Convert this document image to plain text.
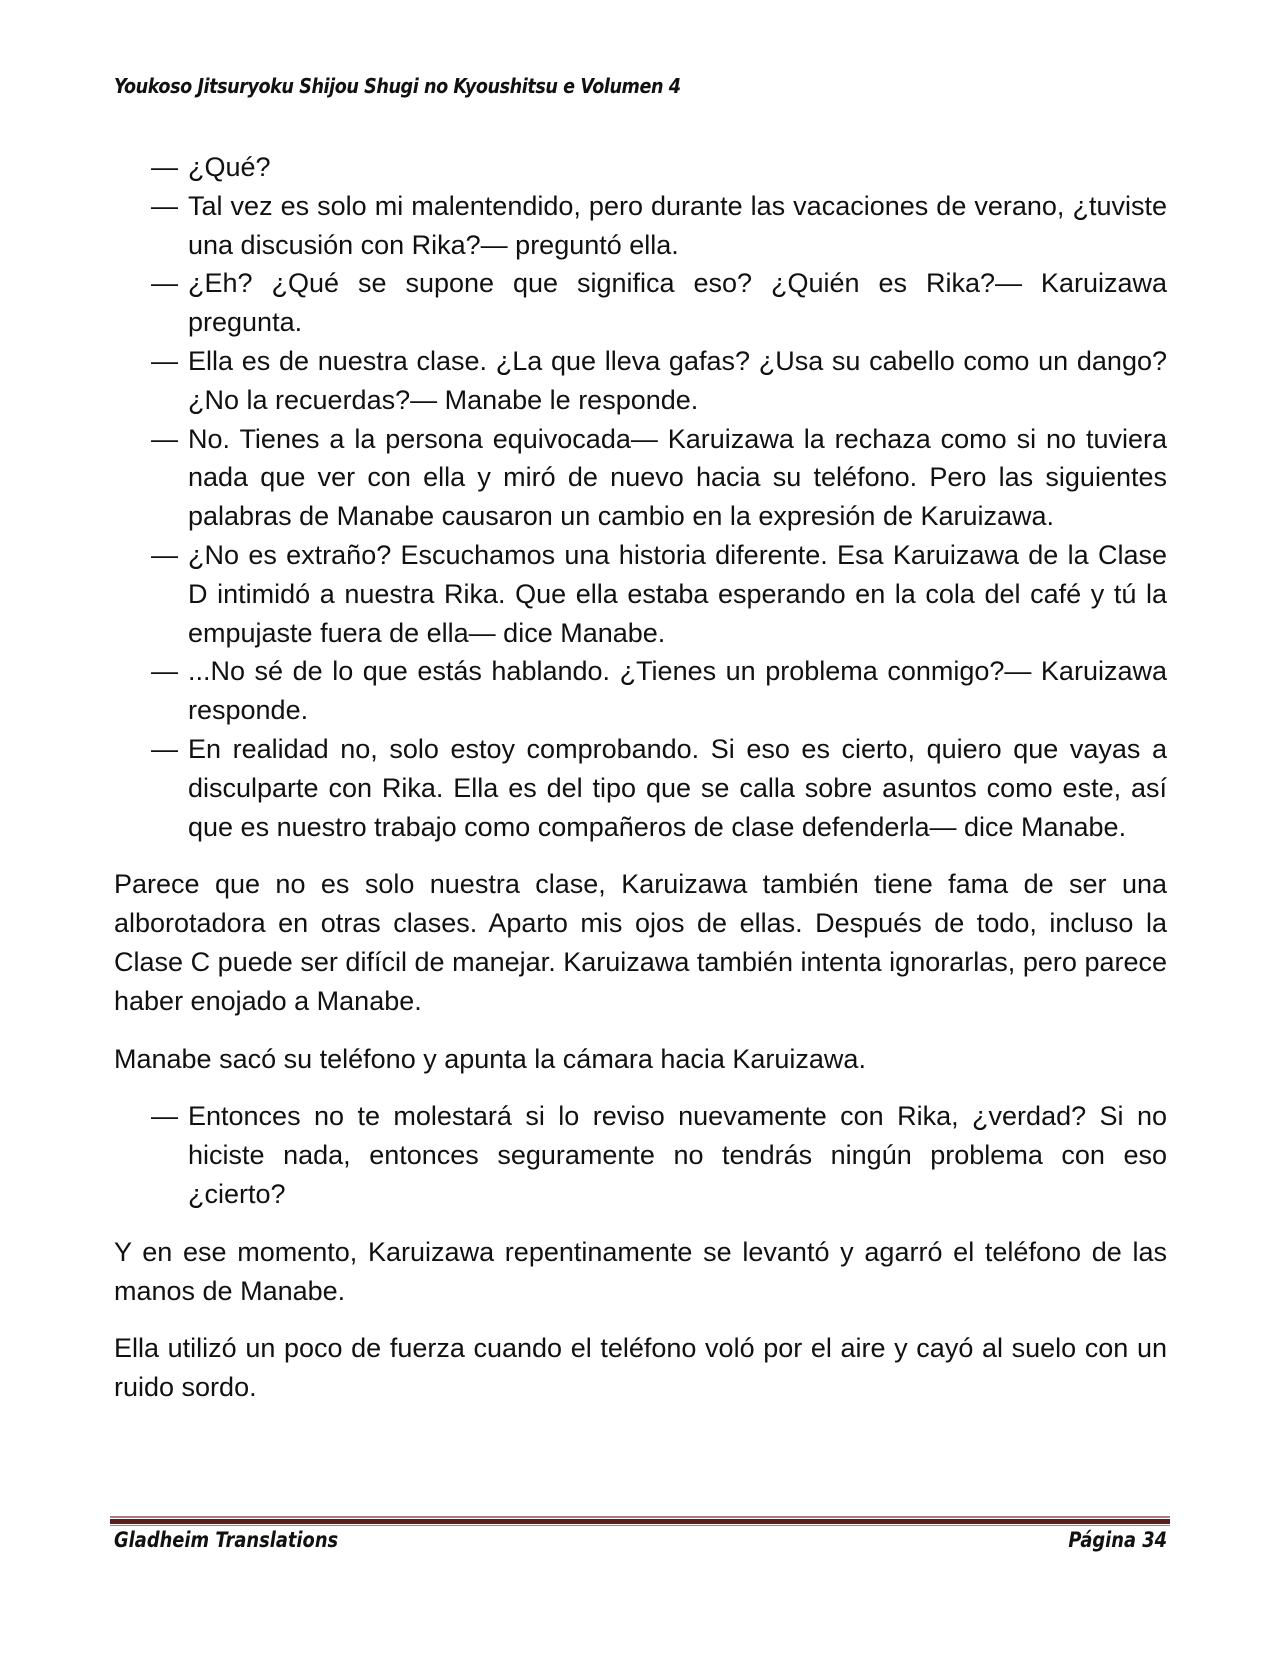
Youkoso Jitsuryoku Shijou Shugi no Kyoushitsu e Volumen 4

— ¿Qué?

— Tal vez es solo mi malentendido, pero durante las vacaciones de verano, ¿tuviste una discusión con Rika?— preguntó ella.

— ¿Eh? ¿Qué se supone que significa eso? ¿Quién es Rika?— Karuizawa pregunta.

— Ella es de nuestra clase. ¿La que lleva gafas? ¿Usa su cabello como un dango? ¿No la recuerdas?— Manabe le responde.

— No. Tienes a la persona equivocada— Karuizawa la rechaza como si no tuviera nada que ver con ella y miró de nuevo hacia su teléfono. Pero las siguientes palabras de Manabe causaron un cambio en la expresión de Karuizawa.

— ¿No es extraño? Escuchamos una historia diferente. Esa Karuizawa de la Clase D intimidó a nuestra Rika. Que ella estaba esperando en la cola del café y tú la empujaste fuera de ella— dice Manabe.

— ...No sé de lo que estás hablando. ¿Tienes un problema conmigo?— Karuizawa responde.

— En realidad no, solo estoy comprobando. Si eso es cierto, quiero que vayas a disculparte con Rika. Ella es del tipo que se calla sobre asuntos como este, así que es nuestro trabajo como compañeros de clase defenderla— dice Manabe.

Parece que no es solo nuestra clase, Karuizawa también tiene fama de ser una alborotadora en otras clases. Aparto mis ojos de ellas. Después de todo, incluso la Clase C puede ser difícil de manejar. Karuizawa también intenta ignorarlas, pero parece haber enojado a Manabe.

Manabe sacó su teléfono y apunta la cámara hacia Karuizawa.

— Entonces no te molestará si lo reviso nuevamente con Rika, ¿verdad? Si no hiciste nada, entonces seguramente no tendrás ningún problema con eso ¿cierto?

Y en ese momento, Karuizawa repentinamente se levantó y agarró el teléfono de las manos de Manabe.

Ella utilizó un poco de fuerza cuando el teléfono voló por el aire y cayó al suelo con un ruido sordo.

Gladheim Translations	Página 34
